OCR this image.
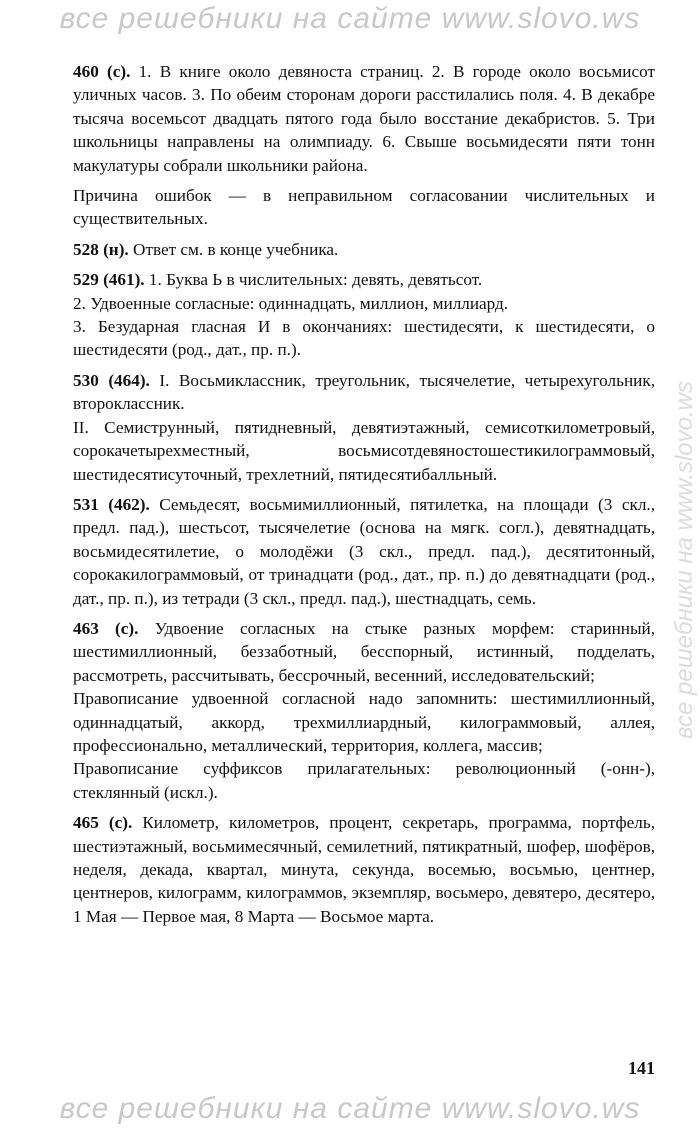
все решебники на сайте www.slovo.ws
все решебники на www.slovo.ws

460 (с). 1. В книге около девяноста страниц. 2. В городе около восьмисот уличных часов. 3. По обеим сторонам дороги расстилались поля. 4. В декабре тысяча восемьсот двадцать пятого года было восстание декабристов. 5. Три школьницы направлены на олимпиаду. 6. Свыше восьмидесяти пяти тонн макулатуры собрали школьники района.

Причина ошибок — в неправильном согласовании числительных и существительных.

528 (н). Ответ см. в конце учебника.

529 (461). 1. Буква Ь в числительных: девять, девятьсот.

2. Удвоенные согласные: одиннадцать, миллион, миллиард.

3. Безударная гласная И в окончаниях: шестидесяти, к шестидесяти, о шестидесяти (род., дат., пр. п.).

530 (464). I. Восьмиклассник, треугольник, тысячелетие, четырехугольник, второклассник.

II. Семиструнный, пятидневный, девятиэтажный, семисоткилометровый, сорокачетырехместный, восьмисотдевяностошестикилограммовый, шестидесятисуточный, трехлетний, пятидесятибалльный.

531 (462). Семьдесят, восьмимиллионный, пятилетка, на площади (3 скл., предл. пад.), шестьсот, тысячелетие (основа на мягк. согл.), девятнадцать, восьмидесятилетие, о молодёжи (3 скл., предл. пад.), десятитонный, сорокакилограммовый, от тринадцати (род., дат., пр. п.) до девятнадцати (род., дат., пр. п.), из тетради (3 скл., предл. пад.), шестнадцать, семь.

463 (с). Удвоение согласных на стыке разных морфем: старинный, шестимиллионный, беззаботный, бесспорный, истинный, подделать, рассмотреть, рассчитывать, бессрочный, весенний, исследовательский;

Правописание удвоенной согласной надо запомнить: шестимиллионный, одиннадцатый, аккорд, трехмиллиардный, килограммовый, аллея, профессионально, металлический, территория, коллега, массив;

Правописание суффиксов прилагательных: революционный (-онн-), стеклянный (искл.).

465 (с). Километр, километров, процент, секретарь, программа, портфель, шестиэтажный, восьмимесячный, семилетний, пятикратный, шофер, шофёров, неделя, декада, квартал, минута, секунда, восемью, восьмью, центнер, центнеров, килограмм, килограммов, экземпляр, восьмеро, девятеро, десятеро, 1 Мая — Первое мая, 8 Марта — Восьмое марта.

141
все решебники на сайте www.slovo.ws
